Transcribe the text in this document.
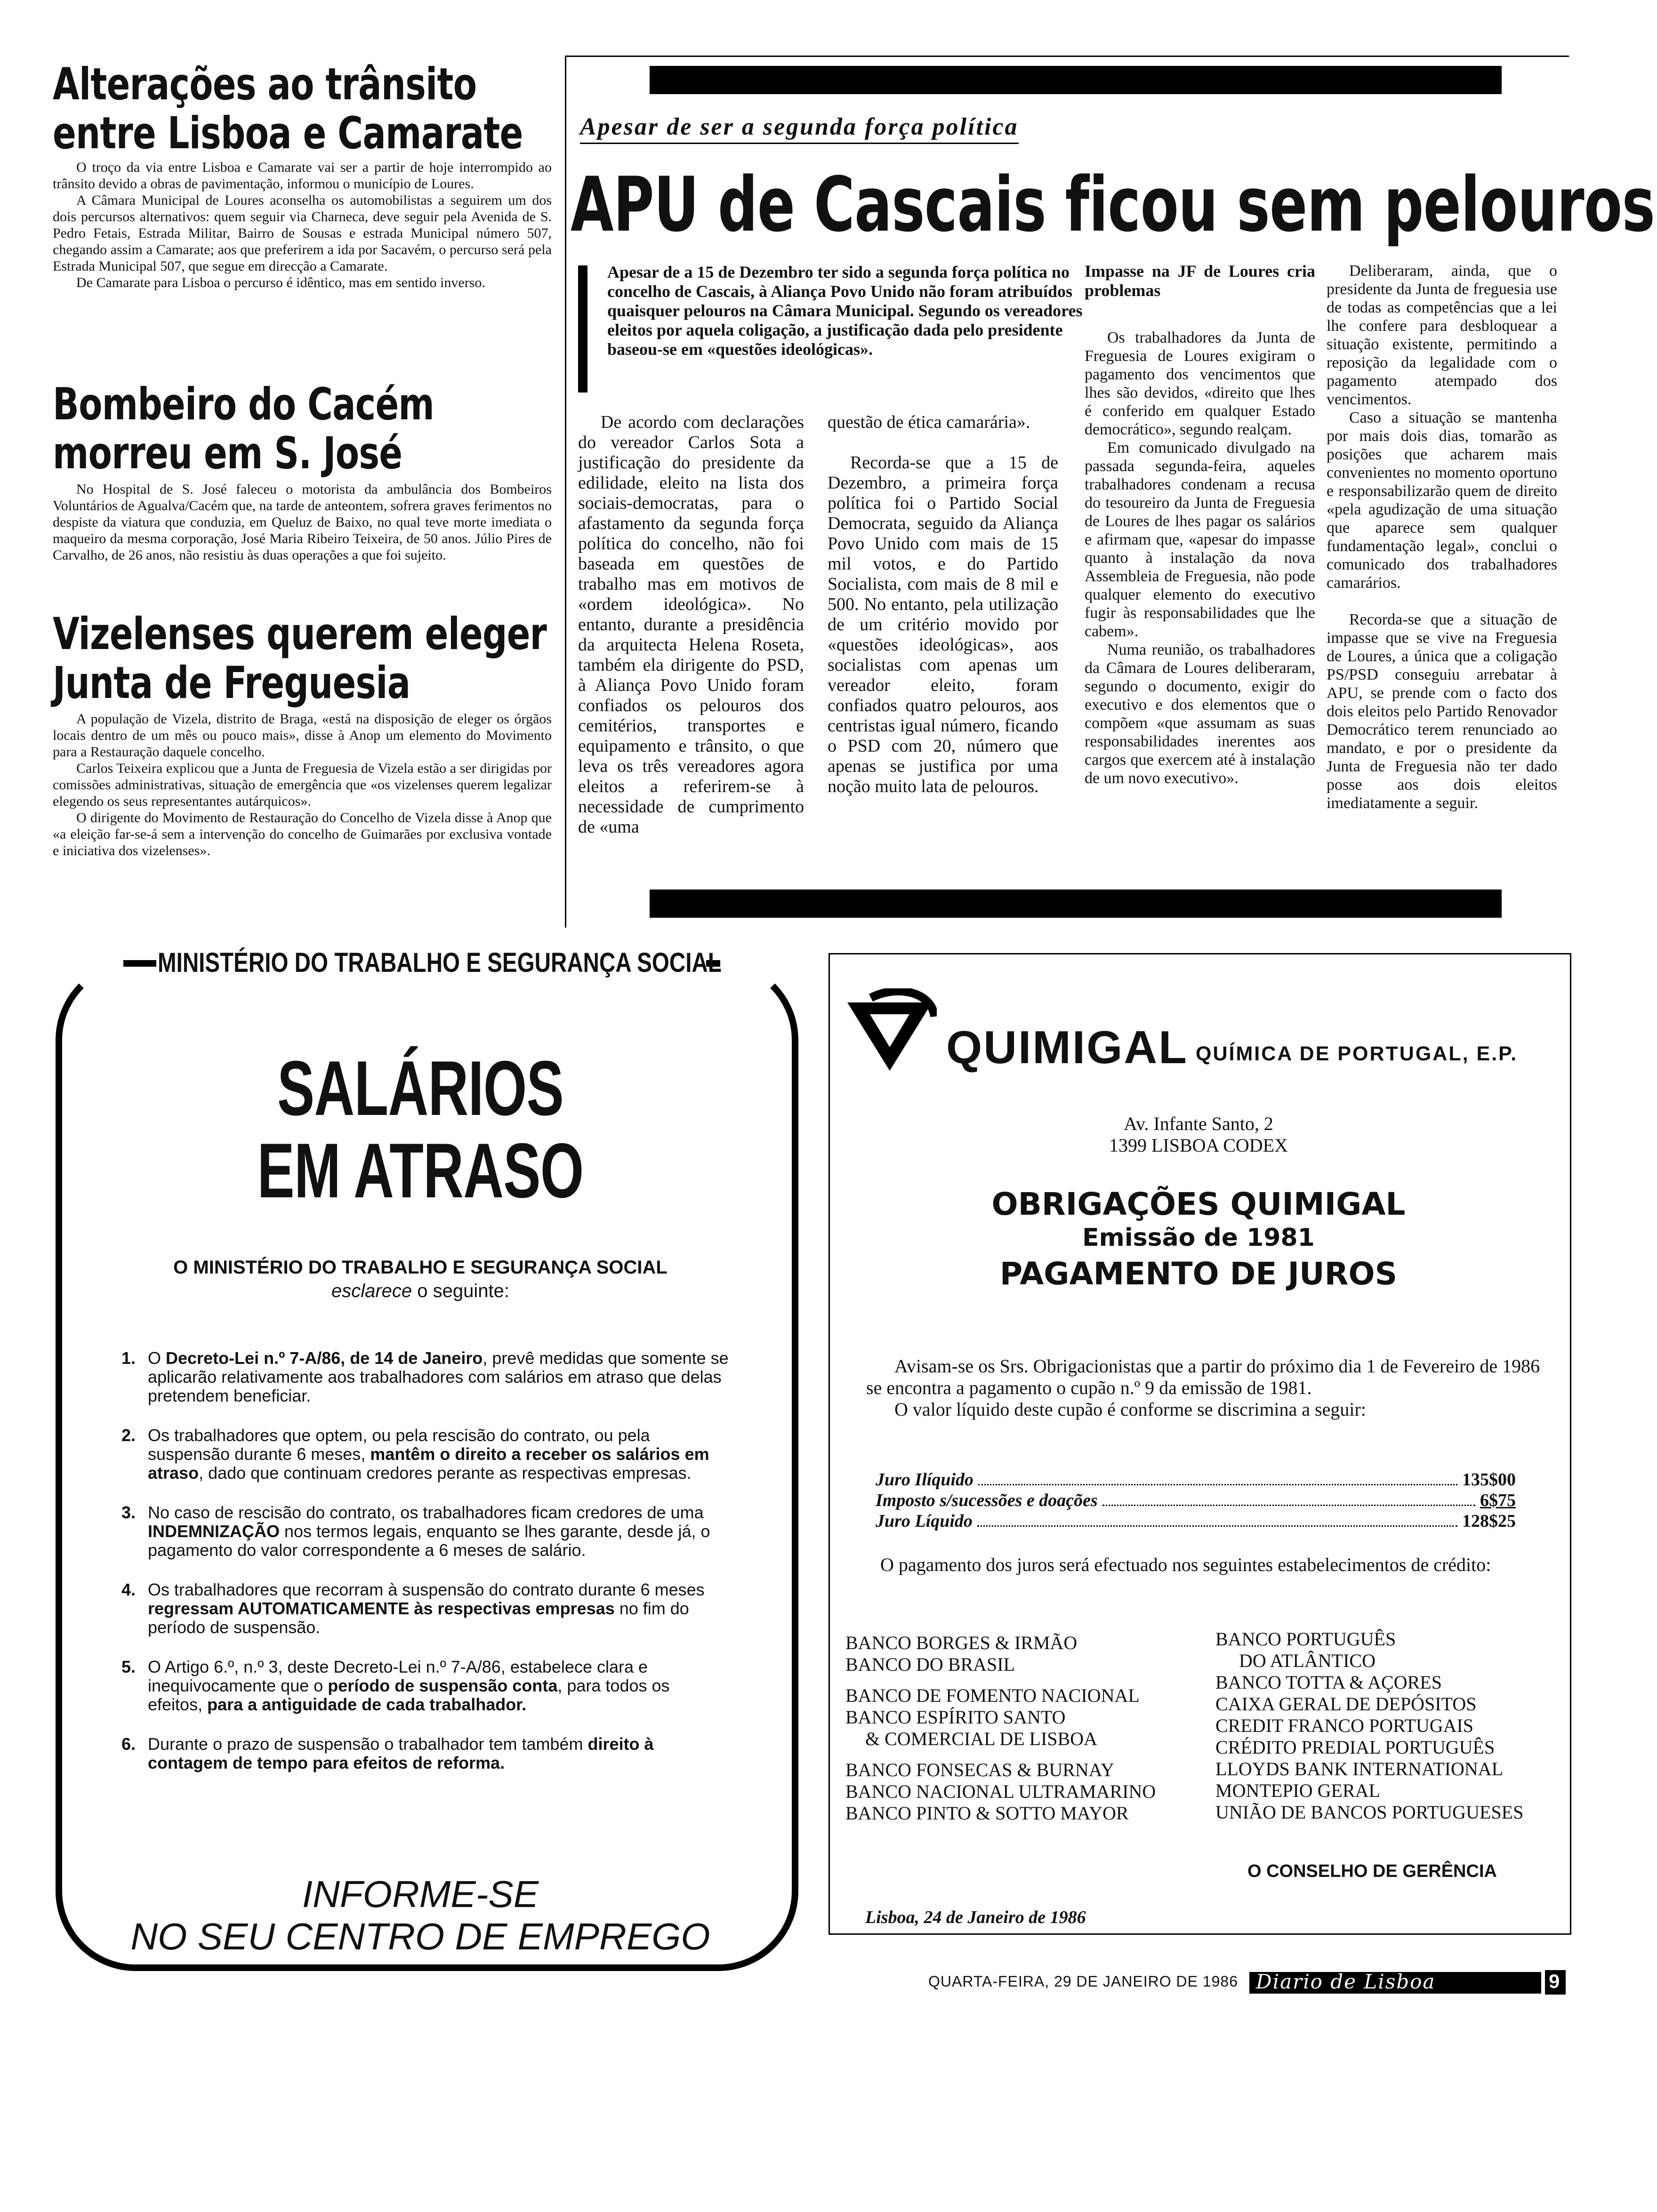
Alterações ao trânsito
entre Lisboa e Camarate

O troço da via entre Lisboa e Camarate vai ser a partir de hoje interrompido ao trânsito devido a obras de pavimentação, informou o município de Loures.

A Câmara Municipal de Loures aconselha os automobilistas a seguirem um dos dois percursos alternativos: quem seguir via Charneca, deve seguir pela Avenida de S. Pedro Fetais, Estrada Militar, Bairro de Sousas e estrada Municipal número 507, chegando assim a Camarate; aos que preferirem a ida por Sacavém, o percurso será pela Estrada Municipal 507, que segue em direcção a Camarate.

De Camarate para Lisboa o percurso é idêntico, mas em sentido inverso.

Bombeiro do Cacém
morreu em S. José

No Hospital de S. José faleceu o motorista da ambulância dos Bombeiros Voluntários de Agualva/Cacém que, na tarde de anteontem, sofrera graves ferimentos no despiste da viatura que conduzia, em Queluz de Baixo, no qual teve morte imediata o maqueiro da mesma corporação, José Maria Ribeiro Teixeira, de 50 anos. Júlio Pires de Carvalho, de 26 anos, não resistiu às duas operações a que foi sujeito.

Vizelenses querem eleger
Junta de Freguesia

A população de Vizela, distrito de Braga, «está na disposição de eleger os órgãos locais dentro de um mês ou pouco mais», disse à Anop um elemento do Movimento para a Restauração daquele concelho.

Carlos Teixeira explicou que a Junta de Freguesia de Vizela estão a ser dirigidas por comissões administrativas, situação de emergência que «os vizelenses querem legalizar elegendo os seus representantes autárquicos».

O dirigente do Movimento de Restauração do Concelho de Vizela disse à Anop que «a eleição far-se-á sem a intervenção do concelho de Guimarães por exclusiva vontade e iniciativa dos vizelenses».

Apesar de ser a segunda força política
APU de Cascais ficou sem pelouros
Apesar de a 15 de Dezembro ter sido a segunda força política no concelho de Cascais, à Aliança Povo Unido não foram atribuídos quaisquer pelouros na Câmara Municipal. Segundo os vereadores eleitos por aquela coligação, a justificação dada pelo presidente baseou-se em «questões ideológicas».

De acordo com declarações do vereador Carlos Sota a justificação do presidente da edilidade, eleito na lista dos sociais-democratas, para o afastamento da segunda força política do concelho, não foi baseada em questões de trabalho mas em motivos de «ordem ideológica». No entanto, durante a presidência da arquitecta Helena Roseta, também ela dirigente do PSD, à Aliança Povo Unido foram confiados os pelouros dos cemitérios, transportes e equipamento e trânsito, o que leva os três vereadores agora eleitos a referirem-se à necessidade de cumprimento de «uma

questão de ética camarária».

Recorda-se que a 15 de Dezembro, a primeira força política foi o Partido Social Democrata, seguido da Aliança Povo Unido com mais de 15 mil votos, e do Partido Socialista, com mais de 8 mil e 500. No entanto, pela utilização de um critério movido por «questões ideológicas», aos socialistas com apenas um vereador eleito, foram confiados quatro pelouros, aos centristas igual número, ficando o PSD com 20, número que apenas se justifica por uma noção muito lata de pelouros.

Impasse na JF de Loures cria problemas

Os trabalhadores da Junta de Freguesia de Loures exigiram o pagamento dos vencimentos que lhes são devidos, «direito que lhes é conferido em qualquer Estado democrático», segundo realçam.

Em comunicado divulgado na passada segunda-feira, aqueles trabalhadores condenam a recusa do tesoureiro da Junta de Freguesia de Loures de lhes pagar os salários e afirmam que, «apesar do impasse quanto à instalação da nova Assembleia de Freguesia, não pode qualquer elemento do executivo fugir às responsabilidades que lhe cabem».

Numa reunião, os trabalhadores da Câmara de Loures deliberaram, segundo o documento, exigir do executivo e dos elementos que o compõem «que assumam as suas responsabilidades inerentes aos cargos que exercem até à instalação de um novo executivo».

Deliberaram, ainda, que o presidente da Junta de freguesia use de todas as competências que a lei lhe confere para desbloquear a situação existente, permitindo a reposição da legalidade com o pagamento atempado dos vencimentos.

Caso a situação se mantenha por mais dois dias, tomarão as posições que acharem mais convenientes no momento oportuno e responsabilizarão quem de direito «pela agudização de uma situação que aparece sem qualquer fundamentação legal», conclui o comunicado dos trabalhadores camarários.

Recorda-se que a situação de impasse que se vive na Freguesia de Loures, a única que a coligação PS/PSD conseguiu arrebatar à APU, se prende com o facto dos dois eleitos pelo Partido Renovador Democrático terem renunciado ao mandato, e por o presidente da Junta de Freguesia não ter dado posse aos dois eleitos imediatamente a seguir.

MINISTÉRIO DO TRABALHO E SEGURANÇA SOCIAL
SALÁRIOS
EM ATRASO
O MINISTÉRIO DO TRABALHO E SEGURANÇA SOCIAL
esclarece o seguinte:
1. O Decreto-Lei n.º 7-A/86, de 14 de Janeiro, prevê medidas que somente se aplicarão relativamente aos trabalhadores com salários em atraso que delas pretendem beneficiar.
2. Os trabalhadores que optem, ou pela rescisão do contrato, ou pela suspensão durante 6 meses, mantêm o direito a receber os salários em atraso, dado que continuam credores perante as respectivas empresas.
3. No caso de rescisão do contrato, os trabalhadores ficam credores de uma INDEMNIZAÇÃO nos termos legais, enquanto se lhes garante, desde já, o pagamento do valor correspondente a 6 meses de salário.
4. Os trabalhadores que recorram à suspensão do contrato durante 6 meses regressam AUTOMATICAMENTE às respectivas empresas no fim do período de suspensão.
5. O Artigo 6.º, n.º 3, deste Decreto-Lei n.º 7-A/86, estabelece clara e inequivocamente que o período de suspensão conta, para todos os efeitos, para a antiguidade de cada trabalhador.
6. Durante o prazo de suspensão o trabalhador tem também direito à contagem de tempo para efeitos de reforma.
INFORME-SE
NO SEU CENTRO DE EMPREGO
QUIMIGAL QUÍMICA DE PORTUGAL, E.P.
Av. Infante Santo, 2
1399 LISBOA CODEX
OBRIGAÇÕES QUIMIGAL
Emissão de 1981
PAGAMENTO DE JUROS

Avisam-se os Srs. Obrigacionistas que a partir do próximo dia 1 de Fevereiro de 1986 se encontra a pagamento o cupão n.º 9 da emissão de 1981.

O valor líquido deste cupão é conforme se discrimina a seguir:

Juro Ilíquido	135$00
Imposto s/sucessões e doações	6$75
Juro Líquido	128$25
O pagamento dos juros será efectuado nos seguintes estabelecimentos de crédito:
BANCO BORGES & IRMÃO
BANCO DO BRASIL
BANCO DE FOMENTO NACIONAL
BANCO ESPÍRITO SANTO
& COMERCIAL DE LISBOA
BANCO FONSECAS & BURNAY
BANCO NACIONAL ULTRAMARINO
BANCO PINTO & SOTTO MAYOR
BANCO PORTUGUÊS
DO ATLÂNTICO
BANCO TOTTA & AÇORES
CAIXA GERAL DE DEPÓSITOS
CREDIT FRANCO PORTUGAIS
CRÉDITO PREDIAL PORTUGUÊS
LLOYDS BANK INTERNATIONAL
MONTEPIO GERAL
UNIÃO DE BANCOS PORTUGUESES
O CONSELHO DE GERÊNCIA
Lisboa, 24 de Janeiro de 1986
QUARTA-FEIRA, 29 DE JANEIRO DE 1986 Diario de Lisboa	9
